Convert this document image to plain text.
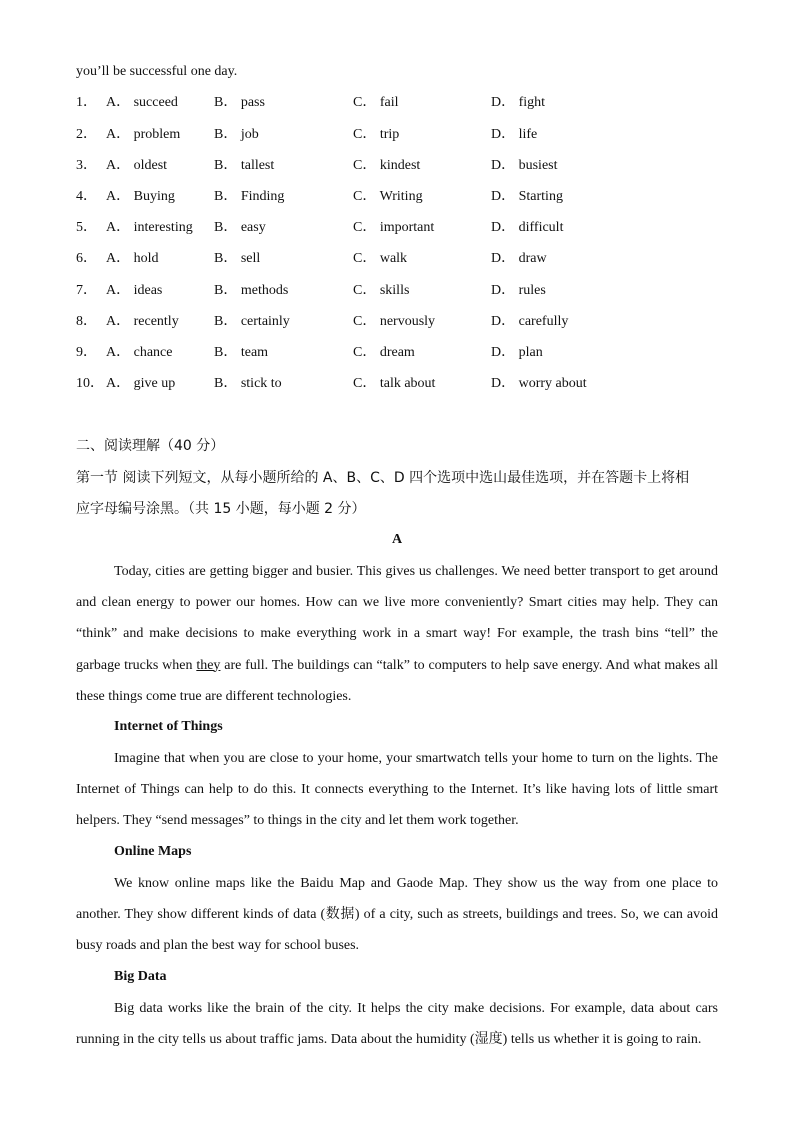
you’ll be successful one day.
1． A． succeed	B． pass	C． fail	D． fight
2． A． problem B． job	C． trip	D． life
3． A． oldest	B． tallest	C． kindest	D． busiest
4． A． Buying	B． Finding	C． Writing	D． Starting
5． A． interesting B． easy	C． important	D． difficult
6． A． hold	B． sell	C． walk	D． draw
7． A． ideas	B． methods	C． skills	D． rules
8． A． recently	B． certainly	C． nervously	D． carefully
9． A． chance	B． team	C． dream	D． plan
10． A． give up	B． stick to	C． talk about	D． worry about
二、阅读理解（40 分）
第一节 阅读下列短文，从每小题所给的 A、B、C、D 四个选项中选山最佳选项，并在答题卡上将相
应字母编号涂黑。（共 15 小题，每小题 2 分）
A
Today, cities are getting bigger and busier. This gives us challenges. We need better transport to get around and clean energy to power our homes. How can we live more conveniently? Smart cities may help. They can “think” and make decisions to make everything work in a smart way! For example, the trash bins “tell” the garbage trucks when they are full. The buildings can “talk” to computers to help save energy. And what makes all these things come true are different technologies.
Internet of Things
Imagine that when you are close to your home, your smartwatch tells your home to turn on the lights. The Internet of Things can help to do this. It connects everything to the Internet. It’s like having lots of little smart helpers. They “send messages” to things in the city and let them work together.
Online Maps
We know online maps like the Baidu Map and Gaode Map. They show us the way from one place to another. They show different kinds of data (数据) of a city, such as streets, buildings and trees. So, we can avoid busy roads and plan the best way for school buses.
Big Data
Big data works like the brain of the city. It helps the city make decisions. For example, data about cars running in the city tells us about traffic jams. Data about the humidity (湿度) tells us whether it is going to rain.
